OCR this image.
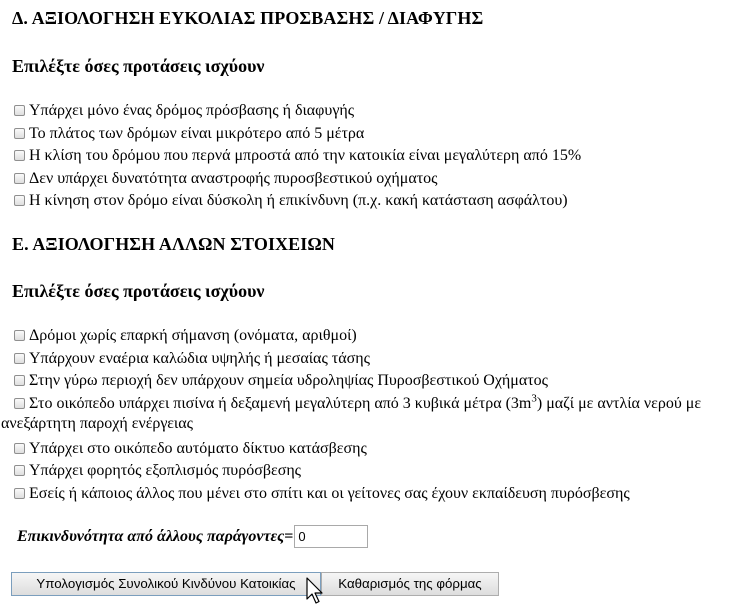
Δ. ΑΞΙΟΛΟΓΗΣΗ ΕΥΚΟΛΙΑΣ ΠΡΟΣΒΑΣΗΣ / ΔΙΑΦΥΓΗΣ
Επιλέξτε όσες προτάσεις ισχύουν
Υπάρχει μόνο ένας δρόμος πρόσβασης ή διαφυγής
Το πλάτος των δρόμων είναι μικρότερο από 5 μέτρα
Η κλίση του δρόμου που περνά μπροστά από την κατοικία είναι μεγαλύτερη από 15%
Δεν υπάρχει δυνατότητα αναστροφής πυροσβεστικού οχήματος
Η κίνηση στον δρόμο είναι δύσκολη ή επικίνδυνη (π.χ. κακή κατάσταση ασφάλτου)
Ε. ΑΞΙΟΛΟΓΗΣΗ ΑΛΛΩΝ ΣΤΟΙΧΕΙΩΝ
Επιλέξτε όσες προτάσεις ισχύουν
Δρόμοι χωρίς επαρκή σήμανση (ονόματα, αριθμοί)
Υπάρχουν εναέρια καλώδια υψηλής ή μεσαίας τάσης
Στην γύρω περιοχή δεν υπάρχουν σημεία υδροληψίας Πυροσβεστικού Οχήματος
Στο οικόπεδο υπάρχει πισίνα ή δεξαμενή μεγαλύτερη από 3 κυβικά μέτρα $(3m^3)$ μαζί με αντλία νερού με
ανεξάρτητη παροχή ενέργειας
Υπάρχει στο οικόπεδο αυτόματο δίκτυο κατάσβεσης
Υπάρχει φορητός εξοπλισμός πυρόσβεσης
Εσείς ή κάποιος άλλος που μένει στο σπίτι και οι γείτονες σας έχουν εκπαίδευση πυρόσβεσης
Επικινδυνότητα από άλλους παράγοντες =
0
Υπολογισμός Συνολικού Κινδύνου Κατοικίας	Καθαρισμός της φόρμας
